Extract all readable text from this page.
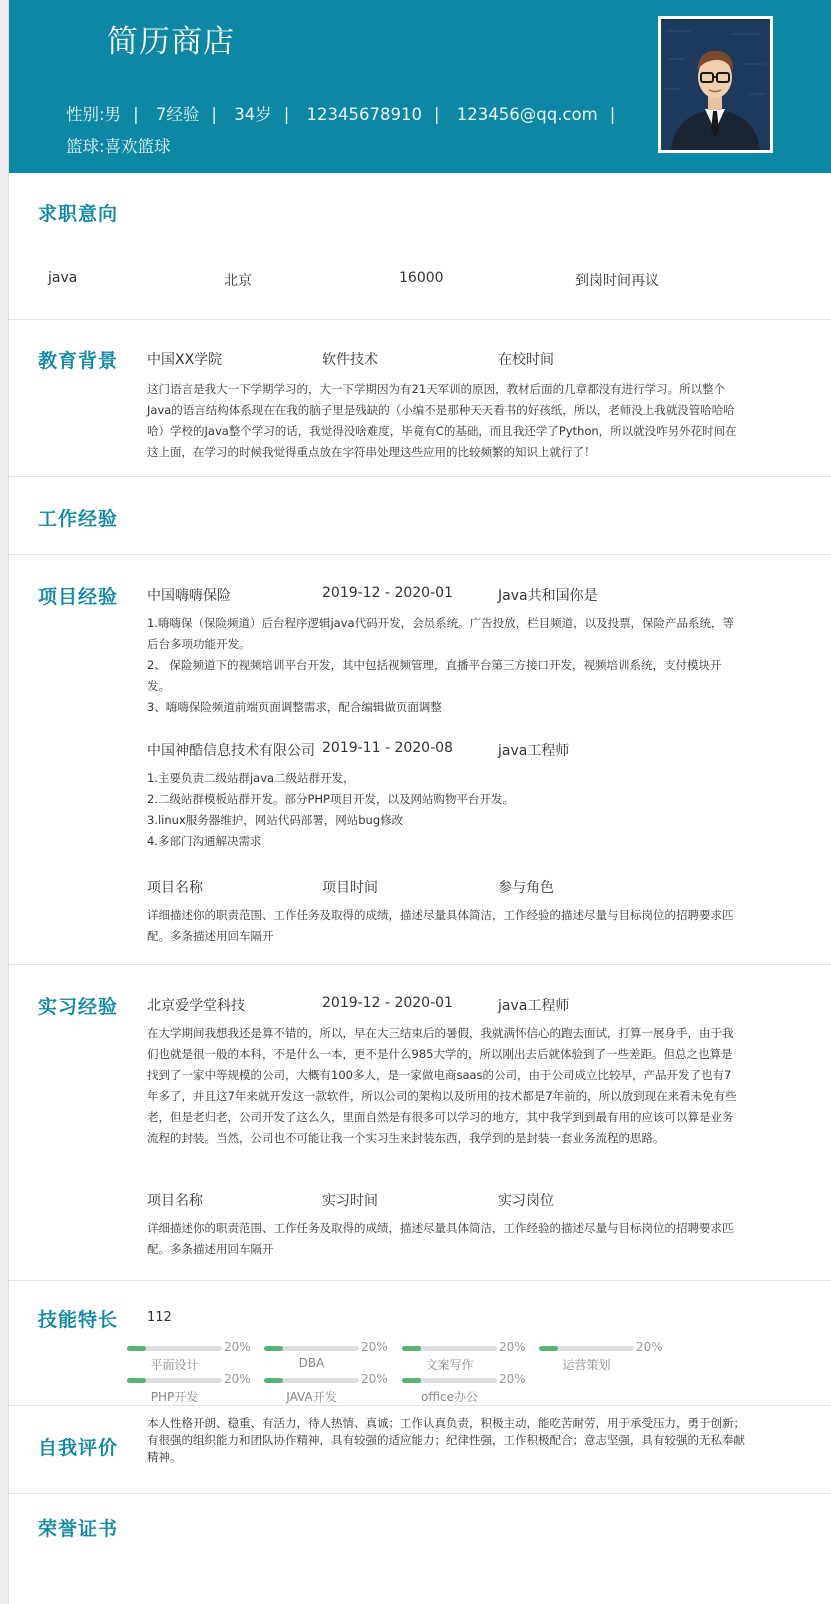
简历商店
性别:男 | 7经验 | 34岁 | 12345678910 | 123456@qq.com |
篮球:喜欢篮球
求职意向
java	北京	16000	到岗时间再议
教育背景 中国XX学院	软件技术	在校时间
这门语言是我大一下学期学习的，大一下学期因为有21天军训的原因，教材后面的几章都没有进行学习。所以整个Java的语言结构体系现在在我的脑子里是残缺的（小编不是那种天天看书的好孩纸，所以，老师没上我就没管哈哈哈哈）学校的Java整个学习的话，我觉得没啥难度，毕竟有C的基础，而且我还学了Python，所以就没咋另外花时间在这上面，在学习的时候我觉得重点放在字符串处理这些应用的比较频繁的知识上就行了！
工作经验
项目经验 中国嗨嗨保险	2019-12 - 2020-01	Java共和国你是
1.嗨嗨保（保险频道）后台程序逻辑java代码开发，会员系统。广告投放，栏目频道，以及投票，保险产品系统，等后台多项功能开发。
2、 保险频道下的视频培训平台开发，其中包括视频管理，直播平台第三方接口开发，视频培训系统，支付模块开发。
3、嗨嗨保险频道前端页面调整需求，配合编辑做页面调整
中国神酷信息技术有限公司 2019-11 - 2020-08	java工程师
1.主要负责二级站群java二级站群开发，
2.二级站群模板站群开发。部分PHP项目开发，以及网站购物平台开发。
3.linux服务器维护，网站代码部署，网站bug修改
4.多部门沟通解决需求
项目名称	项目时间	参与角色
详细描述你的职责范围、工作任务及取得的成绩，描述尽量具体简洁，工作经验的描述尽量与目标岗位的招聘要求匹配。多条描述用回车隔开
实习经验 北京爱学堂科技	2019-12 - 2020-01	java工程师
在大学期间我想我还是算不错的，所以，早在大三结束后的暑假，我就满怀信心的跑去面试，打算一展身手，由于我们也就是很一般的本科，不是什么一本，更不是什么985大学的，所以刚出去后就体验到了一些差距。但总之也算是找到了一家中等规模的公司，大概有100多人，是一家做电商saas的公司，由于公司成立比较早，产品开发了也有7年多了，并且这7年来就开发这一款软件，所以公司的架构以及所用的技术都是7年前的，所以放到现在来看未免有些老，但是老归老，公司开发了这么久，里面自然是有很多可以学习的地方，其中我学到到最有用的应该可以算是业务流程的封装。当然，公司也不可能让我一个实习生来封装东西，我学到的是封装一套业务流程的思路。
项目名称	实习时间	实习岗位
详细描述你的职责范围、工作任务及取得的成绩，描述尽量具体简洁，工作经验的描述尽量与目标岗位的招聘要求匹配。多条描述用回车隔开
技能特长 112
20%
平面设计
20%
DBA
20%
文案写作
20%
运营策划
20%
PHP开发
20%
JAVA开发
20%
office办公
自我评价
本人性格开朗、稳重、有活力，待人热情、真诚；工作认真负责，积极主动，能吃苦耐劳，用于承受压力，勇于创新；有很强的组织能力和团队协作精神，具有较强的适应能力；纪律性强，工作积极配合；意志坚强，具有较强的无私奉献精神。
荣誉证书
